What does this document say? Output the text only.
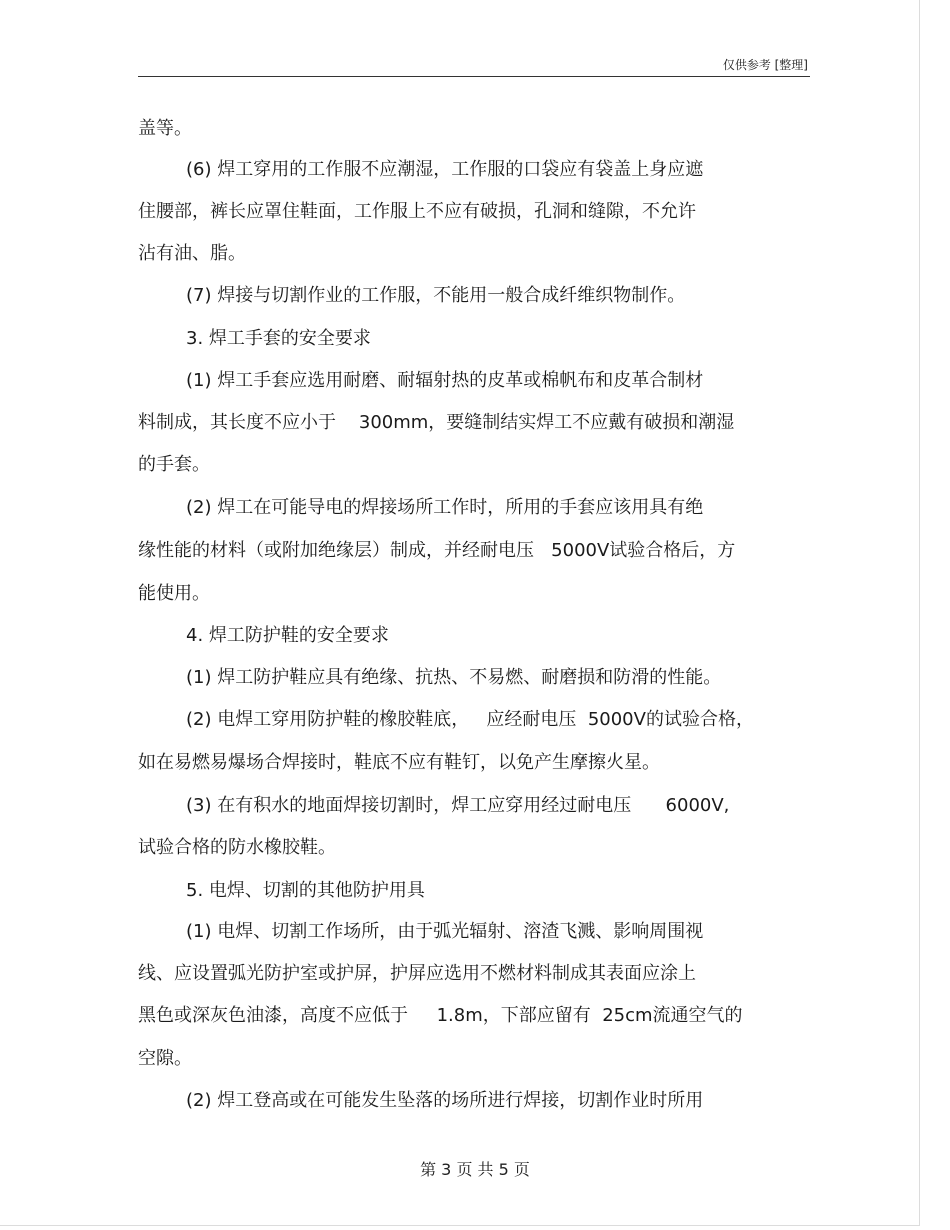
仅供参考 [整理]
盖等。
(6) 焊工穿用的工作服不应潮湿，工作服的口袋应有袋盖上身应遮
住腰部，裤长应罩住鞋面，工作服上不应有破损，孔洞和缝隙，不允许
沾有油、脂。
(7) 焊接与切割作业的工作服，不能用一般合成纤维织物制作。
3. 焊工手套的安全要求
(1) 焊工手套应选用耐磨、耐辐射热的皮革或棉帆布和皮革合制材
料制成，其长度不应小于    300mm，要缝制结实焊工不应戴有破损和潮湿
的手套。
(2) 焊工在可能导电的焊接场所工作时，所用的手套应该用具有绝
缘性能的材料（或附加绝缘层）制成，并经耐电压   5000V试验合格后，方
能使用。
4. 焊工防护鞋的安全要求
(1) 焊工防护鞋应具有绝缘、抗热、不易燃、耐磨损和防滑的性能。
(2) 电焊工穿用防护鞋的橡胶鞋底，   应经耐电压  5000V的试验合格，
如在易燃易爆场合焊接时，鞋底不应有鞋钉，以免产生摩擦火星。
(3) 在有积水的地面焊接切割时，焊工应穿用经过耐电压      6000V,
试验合格的防水橡胶鞋。
5. 电焊、切割的其他防护用具
(1) 电焊、切割工作场所，由于弧光辐射、溶渣飞溅、影响周围视
线、应设置弧光防护室或护屏，护屏应选用不燃材料制成其表面应涂上
黑色或深灰色油漆，高度不应低于     1.8m，下部应留有  25cm流通空气的
空隙。
(2) 焊工登高或在可能发生坠落的场所进行焊接，切割作业时所用
第 3 页 共 5 页
